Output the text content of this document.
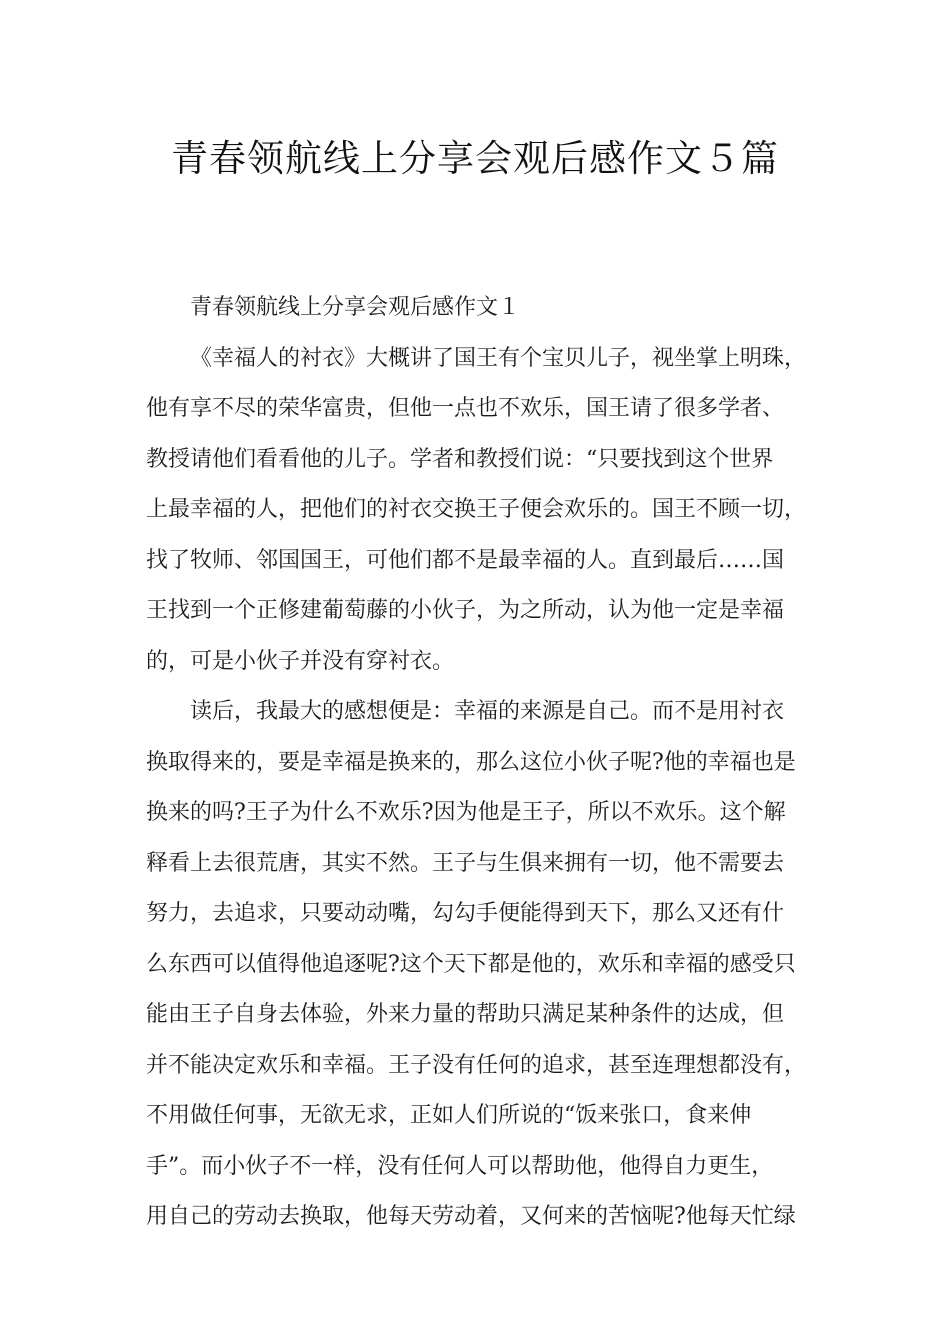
青春领航线上分享会观后感作文５篇

青春领航线上分享会观后感作文１

《幸福人的衬衣》大概讲了国王有个宝贝儿子，视坐掌上明珠，
他有享不尽的荣华富贵，但他一点也不欢乐，国王请了很多学者、
教授请他们看看他的儿子。学者和教授们说：“只要找到这个世界
上最幸福的人，把他们的衬衣交换王子便会欢乐的。国王不顾一切，
找了牧师、邻国国王，可他们都不是最幸福的人。直到最后……国
王找到一个正修建葡萄藤的小伙子，为之所动，认为他一定是幸福
的，可是小伙子并没有穿衬衣。
读后，我最大的感想便是：幸福的来源是自己。而不是用衬衣
换取得来的，要是幸福是换来的，那么这位小伙子呢?他的幸福也是
换来的吗?王子为什么不欢乐?因为他是王子，所以不欢乐。这个解
释看上去很荒唐，其实不然。王子与生俱来拥有一切，他不需要去
努力，去追求，只要动动嘴，勾勾手便能得到天下，那么又还有什
么东西可以值得他追逐呢?这个天下都是他的，欢乐和幸福的感受只
能由王子自身去体验，外来力量的帮助只满足某种条件的达成，但
并不能决定欢乐和幸福。王子没有任何的追求，甚至连理想都没有，
不用做任何事，无欲无求，正如人们所说的“饭来张口，食来伸
手”。而小伙子不一样，没有任何人可以帮助他，他得自力更生，
用自己的劳动去换取，他每天劳动着，又何来的苦恼呢?他每天忙绿
